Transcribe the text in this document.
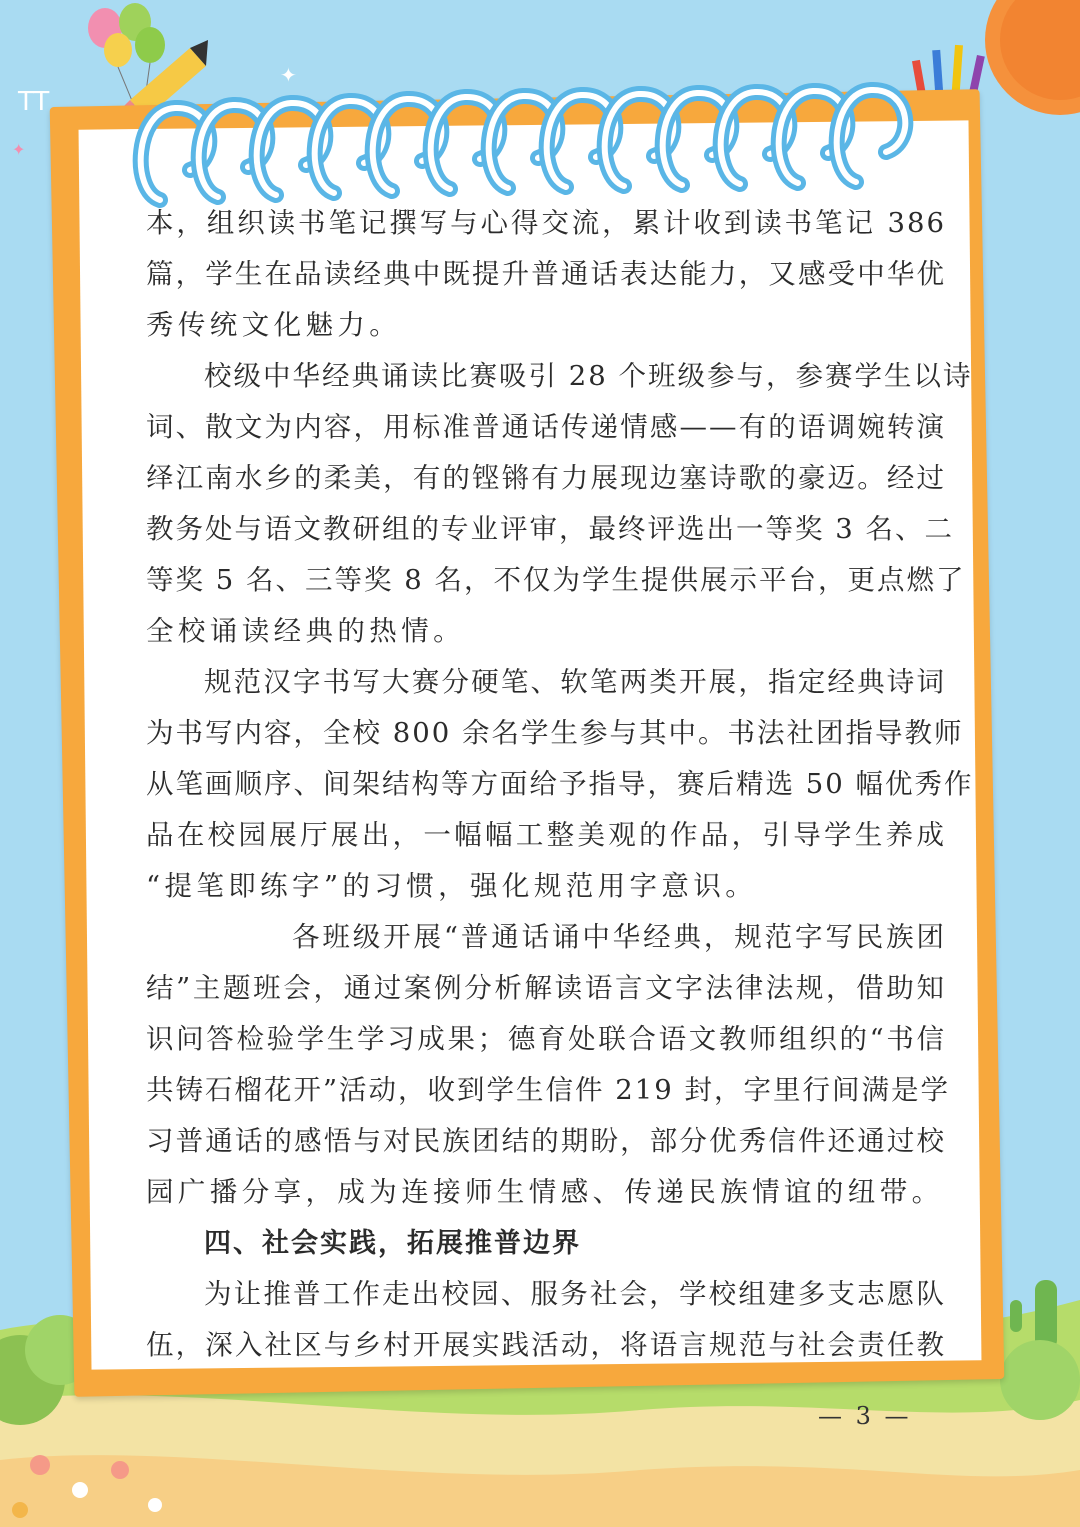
TT
✦
✦
本，组织读书笔记撰写与心得交流，累计收到读书笔记 386
篇，学生在品读经典中既提升普通话表达能力，又感受中华优
秀传统文化魅力。
校级中华经典诵读比赛吸引 28 个班级参与，参赛学生以诗
词、散文为内容，用标准普通话传递情感——有的语调婉转演
绎江南水乡的柔美，有的铿锵有力展现边塞诗歌的豪迈。经过
教务处与语文教研组的专业评审，最终评选出一等奖 3 名、二
等奖 5 名、三等奖 8 名，不仅为学生提供展示平台，更点燃了
全校诵读经典的热情。
规范汉字书写大赛分硬笔、软笔两类开展，指定经典诗词
为书写内容，全校 800 余名学生参与其中。书法社团指导教师
从笔画顺序、间架结构等方面给予指导，赛后精选 50 幅优秀作
品在校园展厅展出，一幅幅工整美观的作品，引导学生养成
“提笔即练字”的习惯，强化规范用字意识。
各班级开展“普通话诵中华经典，规范字写民族团
结”主题班会，通过案例分析解读语言文字法律法规，借助知
识问答检验学生学习成果；德育处联合语文教师组织的“书信
共铸石榴花开”活动，收到学生信件 219 封，字里行间满是学
习普通话的感悟与对民族团结的期盼，部分优秀信件还通过校
园广播分享，成为连接师生情感、传递民族情谊的纽带。
四、社会实践，拓展推普边界
为让推普工作走出校园、服务社会，学校组建多支志愿队
伍，深入社区与乡村开展实践活动，将语言规范与社会责任教
— 3 —
